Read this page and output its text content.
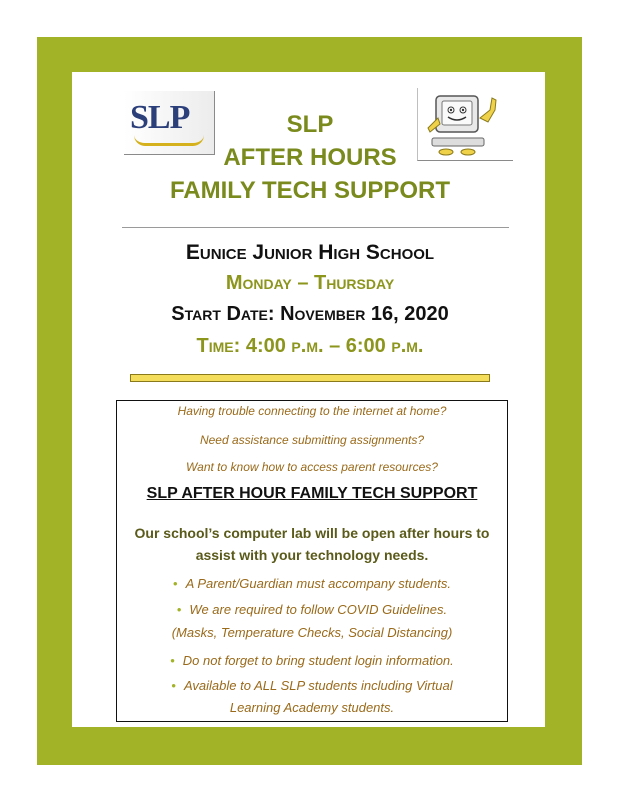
SLP	SLP
AFTER HOURS
FAMILY TECH SUPPORT
Eunice Junior High School
Monday – Thursday
Start Date: November 16, 2020
Time: 4:00 p.m. – 6:00 p.m.
Having trouble connecting to the internet at home?
Need assistance submitting assignments?
Want to know how to access parent resources?
SLP AFTER HOUR FAMILY TECH SUPPORT
Our school’s computer lab will be open after hours to
assist with your technology needs.
• A Parent/Guardian must accompany students.
• We are required to follow COVID Guidelines.
(Masks, Temperature Checks, Social Distancing)
• Do not forget to bring student login information.
• Available to ALL SLP students including Virtual
Learning Academy students.
